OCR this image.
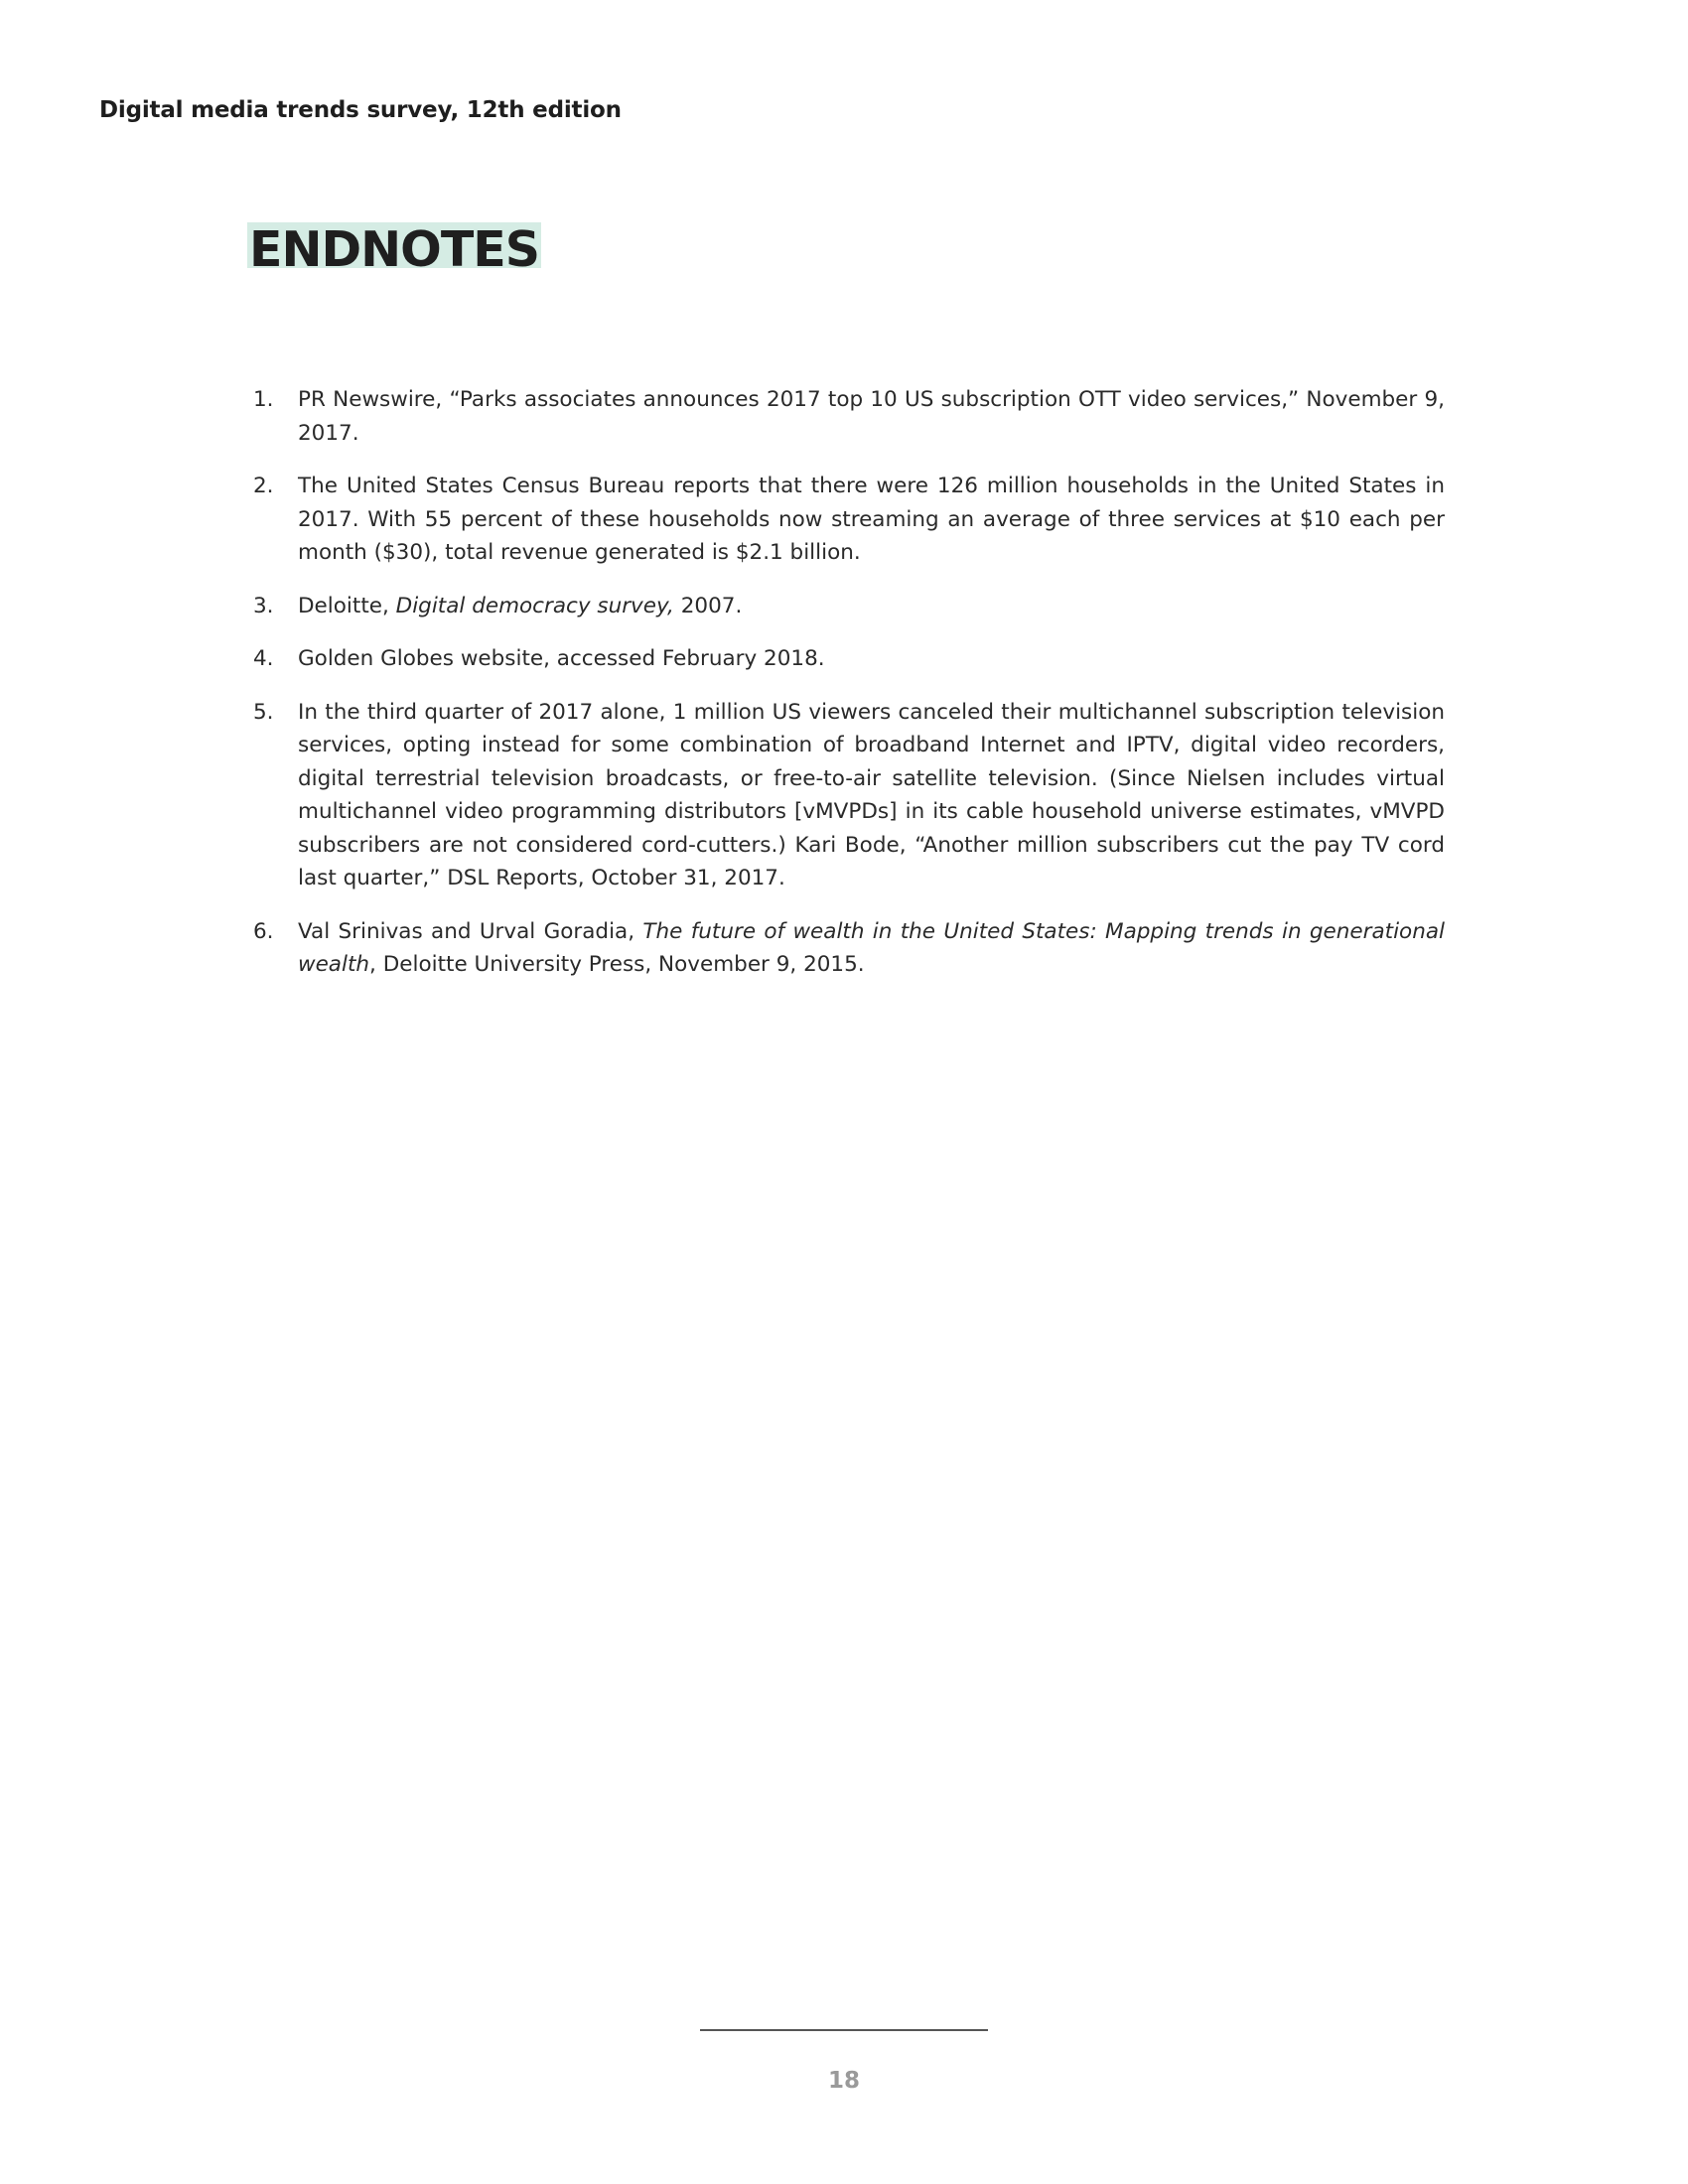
Digital media trends survey, 12th edition
ENDNOTES
1. PR Newswire, “Parks associates announces 2017 top 10 US subscription OTT video services,” November 9, 2017.
2. The United States Census Bureau reports that there were 126 million households in the United States in 2017. With 55 percent of these households now streaming an average of three services at $10 each per month ($30), total revenue generated is $2.1 billion.
3. Deloitte, Digital democracy survey, 2007.
4. Golden Globes website, accessed February 2018.
5. In the third quarter of 2017 alone, 1 million US viewers canceled their multichannel subscription television services, opting instead for some combination of broadband Internet and IPTV, digital video recorders, digital terrestrial television broadcasts, or free-to-air satellite television. (Since Nielsen includes virtual multichannel video programming distributors [vMVPDs] in its cable household universe estimates, vMVPD subscribers are not considered cord-cutters.) Kari Bode, “Another million subscribers cut the pay TV cord last quarter,” DSL Reports, October 31, 2017.
6. Val Srinivas and Urval Goradia, The future of wealth in the United States: Mapping trends in generational wealth, Deloitte University Press, November 9, 2015.
18
